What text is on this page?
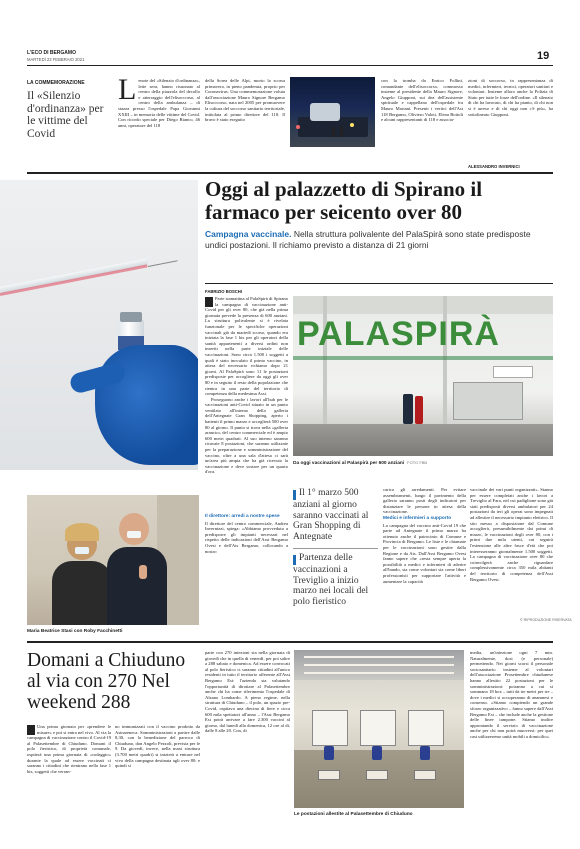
L'ECO DI BERGAMO
MARTEDÌ 23 FEBBRAIO 2021	19
LA COMMEMORAZIONE
Il «Silenzio d'ordinanza» per le vittime del Covid
Lenote del «Silenzio d'ordinanza», lette sera, hanno risuonato al centro della piazzola del decollo e atterraggio dell'elisoccorso, al centro della ambulanza – di stazza presso l'ospedale Papa Giovanni XXIII – in memoria delle vittime del Covid. Con ricordo speciale per Diego Bianco, 46 anni, operatore del 118
della Sorea delle Alpi, morto la scorsa primavera, in pieno pandemia, proprio per Coronavirus. Una commemorazione voluta dall'associazione Mauro Signore Bergamo Elisoccorso, nata nel 2005 per promuovere la cultura del soccorso sanitario territoriale, intitolata al primo direttore del 118. Il bravo è stato eseguito
con la tromba da Enrico Follini, comandante dell'elisoccorso, commosso insieme al presidente della Mauro Signore, Angelo Giupponi, sui dea dell'assistente spirituale e cappellano dell'ospedale fra Mauro Mariani. Presenti i vertici dell'Ast 118 Bergamo, Oliviero Valoti, Elena Bottoli e alcuni rappresentanti di 118 e associa-
zioni di soccorso, in rappresentanza di medici, infermieri, tecnici, operatori sanitari e volontari. Insieme alloro anche la Polizia di Stato per tutte le forze dell'ordine. «Il silenzio di chi ha lavorato, di chi ha pianto, di chi non si è arreso e di chi oggi non c'è più», ha sottolineato Giupponi.
ALESSANDRO INVERNICI
Oggi al palazzetto di Spirano il farmaco per seicento over 80
Campagna vaccinale. Nella struttura polivalente del PalaSpirà sono state predisposte undici postazioni. Il richiamo previsto a distanza di 21 giorni
FABRIZIO BOSCHI
Parte stamattina al PalaSpirà di Spirano la campagna di vaccinazione anti-Covid per gli over 80, che già nella prima giornata prevede la presenza di 600 anziani. La struttura polivalente si è rivelata funzionale per le specifiche operazioni vaccinali già da martedì scorso, quando era iniziata la fase 1 bis per gli operatori della sanità appartenenti a diversi ordini non inseriti nella parte iniziale delle vaccinazioni. Sono circa 1.500 i soggetti a quali è stato inoculato il primo vaccino, in attesa del necessario richiamo dopo 21 giorni. Al PalaSpirà sono 11 le postazioni predisposte per accogliere da oggi gli over 80 e in seguito il resto della popolazione che rientra in una parte del territorio di competenza della medesima Asst.
Proseguono anche i lavori all'hub per le vaccinazioni anti-Covid situato in un punto ventilato all'interno della galleria dell'Antegnate Gran Shopping, aperto i battenti il primo marzo e accoglierà 500 over 80 al giorno. Il punto si trova nella «galleria arancio» del centro commerciale ed è ampio 600 metri quadrati. Al suo interno saranno ricavate 8 postazioni, che saranno utilizzate per la preparazione e somministrazione del vaccino, oltre a una sala d'attesa ci sarà un'area più ampia che ha già ricevuto la vaccinazione e deve sostare per un quarto d'ora.
Il direttore: arredi a nostre spese
Il direttore del centro commerciale, Andrea Invernizzi, spiega: «Abbiamo provveduto a predisporre gli impianti necessari nel rispetto delle indicazioni dell'Asst Bergamo Ovest e dell'Ats Bergamo, collocando a nostro
PALASPIRÀ
Da oggi vaccinazioni al Palaspirà per 600 anziani FOTO FBB
Il 1° marzo 500 anziani al giorno saranno vaccinati al Gran Shopping di Antegnate
Partenza delle vaccinazioni a Treviglio a inizio marzo nei locali del polo fieristico
carico gli arredamenti. Per evitare assembramenti, lungo il pavimento della galleria saranno posti degli indicatori per distanziare le persone in attesa della vaccinazione.
Medici e infermieri a supporto
La campagna del vaccino anti-Covid 19 che parte ad Antegnate il primo marzo ha ottenuto anche il patrocinio di Comune e Provincia di Bergamo. Le liste e le chiamate per le vaccinazioni sono gestite dalla Regione e da Ats. Dall'Asst Bergamo Ovest fanno sapere che «resta sempre aperta la possibilità a medici e infermieri di aderire all'bando, sia come volontari sia come liberi professionisti per supportare l'attività e aumentare la capacità
vaccinale dei vari punti organizzati». Stanno per essere completati anche i lavori a Treviglio al Fara, nel cui padiglione sono già stati predisposti diversi ambulatori per 24 postazioni da ieri gli operai sono impegnati ad allestire il necessario impianto elettrico. Il sito messo a disposizione dal Comune accoglierà, presumibilmente dai primi di marzo, le vaccinazioni degli over 80, con i primi due mila utenti, cui seguirà l'estensione alle altre fasce d'età che poi interesseranno giornalmente 1.500 soggetti. La campagna di vaccinazione over 80 che coinvolgerà anche riguardare complessivamente circa 350 mila abitanti del territorio di competenza dell'Asst Bergamo Ovest.
© RIPRODUZIONE RISERVATA
Maria Beatrice Stasi con Roby Facchinetti
Domani a Chiuduno al via con 270 Nel weekend 288
Una prima giornata per «prendere le misure» e poi si entra nel vivo. Al via la campagna di vaccinazione contro il Covid-19 al Palasettembre di Chiuduno. Domani il polo fieristico, di proprietà comunale, ospiterà una prima giornata di «rodaggio» durante la quale ad essere vaccinati ci saranno i cittadini che rientrano nella fase 1 bis, soggetti che verran-
no immunizzati con il vaccino prodotto da Astrazeneca. Somministrazioni a partire dalle 8,30, con la benedizione del parroco di Chiuduno, don Angelo Pezzoli, prevista per le 9. Da giovedì, invece, nella maxi struttura (3.700 metri quadri) si inizierà a entrare nel vivo della campagna destinata agli over 80: e quindi si
parte con 270 iniezioni sia nella giornata di giovedì che in quella di venerdì, per poi salire a 288 sabato e domenica. Ad essere convocati al polo fieristico ci saranno cittadini all'unico residenti in tutto il territorio afferente all'Asst Bergamo Est: l'azienda sta valutando l'opportunità di dirottare al Palasettembre anche chi ha come riferimento l'ospedale di Alzano Lombardo. A pieno regime, nella struttura di Chiuduno – il polo, un spazio pre-Covid, ospitava una diecina di fiere e circa 600 mila spettatori all'anno – l'Asst Bergamo Est potrà arrivare a fare 2.300 vaccini al giorno, dal lunedì alla domenica, 12 ore al dì, dalle 8 alle 20. Con, di
Le postazioni allestite al Palasettembre di Chiuduno
media, un'iniezione ogni 7 min. Naturalmente, dosi (e personale) permettendo. Nei giorni scorsi il personale sociosanitario insieme al volontari dell'associazione Prosettembre chiudunese hanno allestito 22 postazioni per le somministrazioni: potranno a cui si sommano 18 box – tutti da tre metri per tre – dove i medici si occuperanno di anamnesi e consenso. «Stiamo compiendo un grande sforzo organizzativo – fanno sapere dall'Asst Bergamo Est – che include anche la gestione delle linee tampone. Stiamo inoltre approntando il servizio di vaccinazione anche per chi non potrà muoversi: per quei casi utilizzeremo unità mobili a domicilio».
